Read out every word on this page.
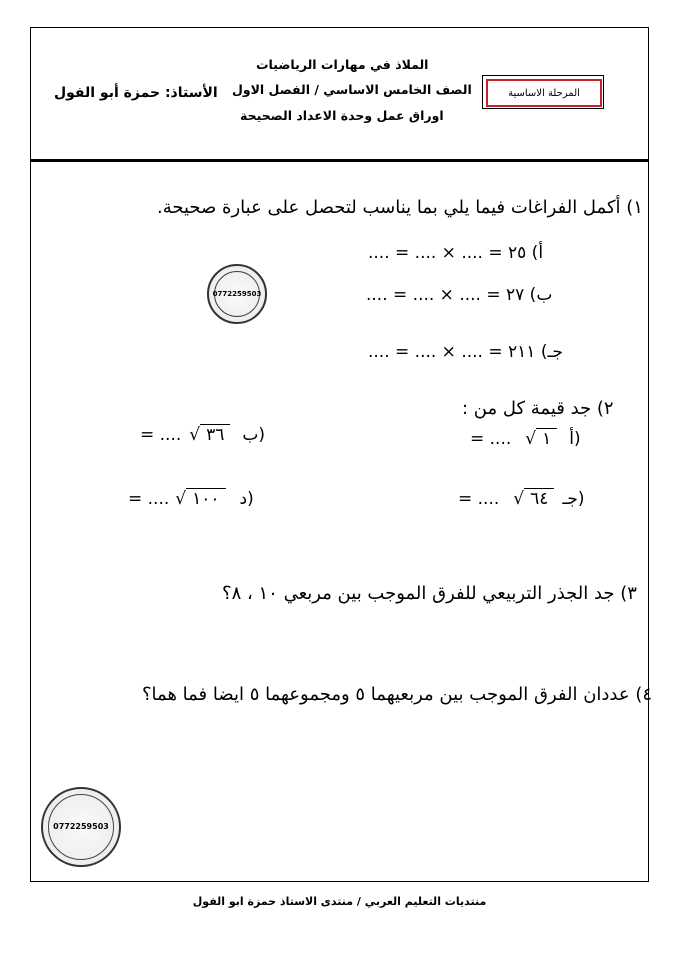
الملاذ في مهارات الرياضيات
الصف الخامس الاساسي / الفصل الاول
اوراق عمل وحدة الاعداد الصحيحة
الأستاذ: حمزة أبو الفول	المرحلة الاساسية
١) أكمل الفراغات فيما يلي بما يناسب لتحصل على عبارة صحيحة.
أ) ٢٥ = .... × .... = ....
ب) ٢٧ = .... × .... = ....
جـ) ٢١١ = .... × .... = ....
٢) جد قيمة كل من :
= .... √ ١	أ)
= .... √ ٣٦	ب)
= .... √ ٦٤ جـ)
= .... √ ١٠٠	د)
٣) جد الجذر التربيعي للفرق الموجب بين مربعي ١٠ ، ٨؟
٤) عددان الفرق الموجب بين مربعيهما ٥ ومجموعهما ٥ ايضا فما هما؟
0772259503
0772259503
منتديات التعليم العربي / منتدى الاستاذ حمزة ابو الفول
